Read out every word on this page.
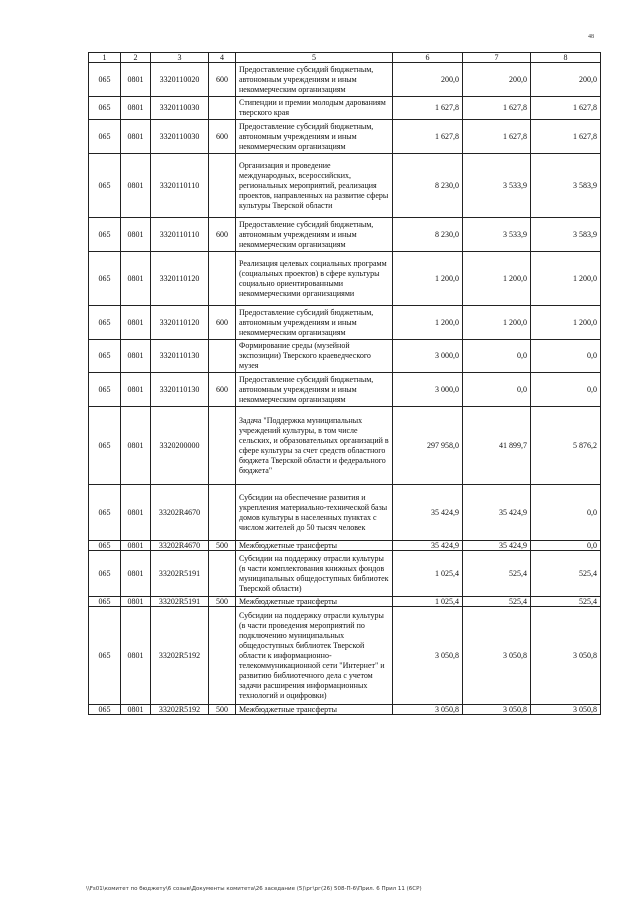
48
1	2	3	4	5	6	7	8
065	0801	3320110020	600	Предоставление субсидий бюджетным, автономным учреждениям и иным некоммерческим организациям	200,0	200,0	200,0
065	0801	3320110030		Стипендии и премии молодым дарованиям тверского края	1 627,8	1 627,8	1 627,8
065	0801	3320110030	600	Предоставление субсидий бюджетным, автономным учреждениям и иным некоммерческим организациям	1 627,8	1 627,8	1 627,8
065	0801	3320110110		Организация и проведение международных, всероссийских, региональных мероприятий, реализация проектов, направленных на развитие сферы культуры Тверской области	8 230,0	3 533,9	3 583,9
065	0801	3320110110	600	Предоставление субсидий бюджетным, автономным учреждениям и иным некоммерческим организациям	8 230,0	3 533,9	3 583,9
065	0801	3320110120		Реализация целевых социальных программ (социальных проектов) в сфере культуры социально ориентированными некоммерческими организациями	1 200,0	1 200,0	1 200,0
065	0801	3320110120	600	Предоставление субсидий бюджетным, автономным учреждениям и иным некоммерческим организациям	1 200,0	1 200,0	1 200,0
065	0801	3320110130		Формирование среды (музейной экспозиции) Тверского краеведческого музея	3 000,0	0,0	0,0
065	0801	3320110130	600	Предоставление субсидий бюджетным, автономным учреждениям и иным некоммерческим организациям	3 000,0	0,0	0,0
065	0801	3320200000		Задача "Поддержка муниципальных учреждений культуры, в том числе сельских, и образовательных организаций в сфере культуры за счет средств областного бюджета Тверской области и федерального бюджета"	297 958,0	41 899,7	5 876,2
065	0801	33202R4670		Субсидии на обеспечение развития и укрепления материально-технической базы домов культуры в населенных пунктах с числом жителей до 50 тысяч человек	35 424,9	35 424,9	0,0
065	0801	33202R4670	500	Межбюджетные трансферты	35 424,9	35 424,9	0,0
065	0801	33202R5191		Субсидии на поддержку отрасли культуры (в части комплектования книжных фондов муниципальных общедоступных библиотек Тверской области)	1 025,4	525,4	525,4
065	0801	33202R5191	500	Межбюджетные трансферты	1 025,4	525,4	525,4
065	0801	33202R5192		Субсидии на поддержку отрасли культуры (в части проведения мероприятий по подключению муниципальных общедоступных библиотек Тверской области к информационно-телекоммуникационной сети "Интернет" и развитию библиотечного дела с учетом задачи расширения информационных технологий и оцифровки)	3 050,8	3 050,8	3 050,8
065	0801	33202R5192	500	Межбюджетные трансферты	3 050,8	3 050,8	3 050,8
\\Fs01\комитет по бюджету\6 созыв\Документы комитета\26 заседание (5)\рг\рг(26) 508-П-6\Прил. 6 Прил 11 (6СР)
